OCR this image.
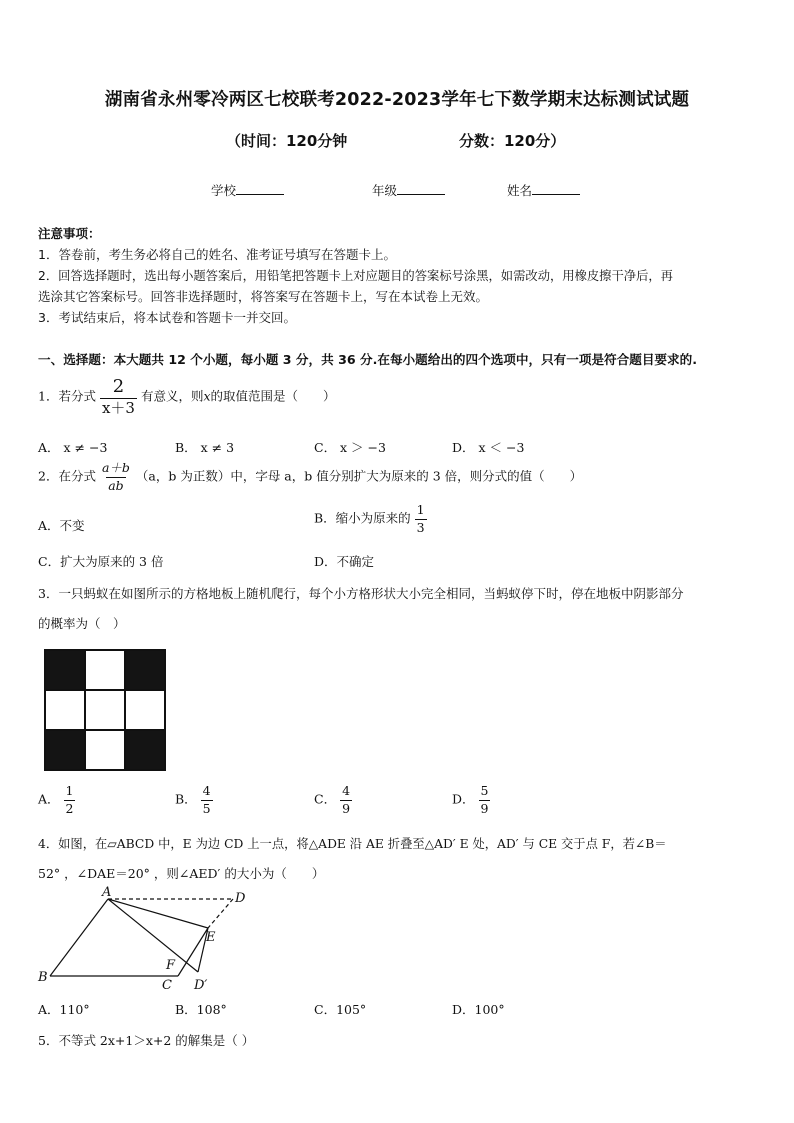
湖南省永州零冷两区七校联考2022-2023学年七下数学期末达标测试试题
（时间：120分钟	分数：120分）
学校	年级	姓名
注意事项：
1．答卷前，考生务必将自己的姓名、准考证号填写在答题卡上。
2．回答选择题时，选出每小题答案后，用铅笔把答题卡上对应题目的答案标号涂黑，如需改动，用橡皮擦干净后，再
选涂其它答案标号。回答非选择题时，将答案写在答题卡上，写在本试卷上无效。
3．考试结束后，将本试卷和答题卡一并交回。
一、选择题：本大题共 12 个小题，每小题 3 分，共 36 分.在每小题给出的四个选项中，只有一项是符合题目要求的.
1．若分式 $\frac{2}{x+3}$ 有意义，则x的取值范围是（　　）
A． x ≠ −3	B． x ≠ 3	C． x ＞ −3	D． x ＜ −3
2．在分式 $\frac{a+b}{ab} (a$，b 为正数）中，字母 a，b 值分别扩大为原来的 3 倍，则分式的值（　　）
A．不变	B．缩小为原来的 $\frac{1}{3}$
C．扩大为原来的 3 倍	D．不确定
3．一只蚂蚁在如图所示的方格地板上随机爬行，每个小方格形状大小完全相同，当蚂蚁停下时，停在地板中阴影部分
的概率为（　）
A． $\frac{1}{2}$	B． $\frac{4}{5}$	C． $\frac{4}{9}$	D． $\frac{5}{9}$
4．如图，在▱ABCD 中，E 为边 CD 上一点，将△ADE 沿 AE 折叠至△AD′ E 处，AD′ 与 CE 交于点 F，若∠B＝
52° ，∠DAE＝20° ，则∠AED′ 的大小为（　　）
A
B
C
D
E
F
D′
A．110°	B．108°	C．105°	D．100°
5．不等式 2x+1＞x+2 的解集是（ ）
